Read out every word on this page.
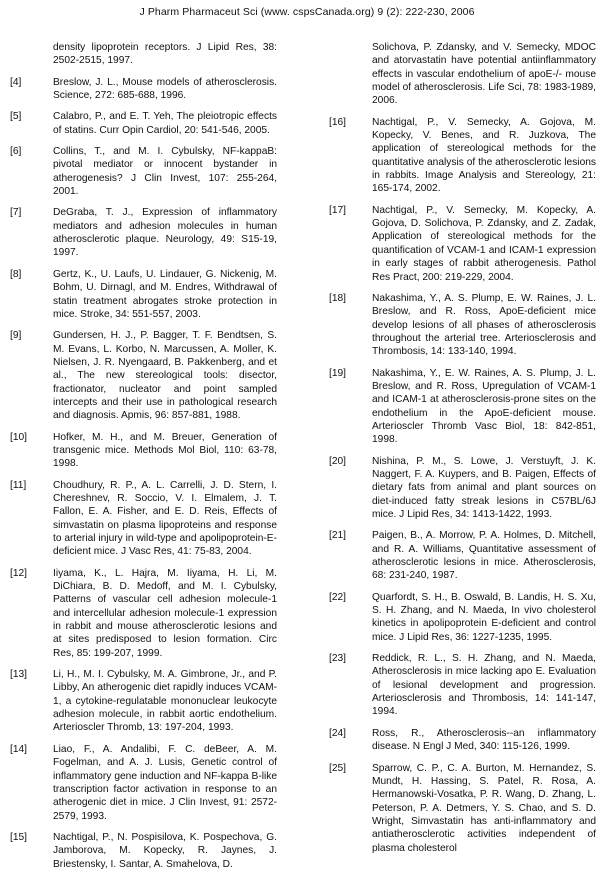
J Pharm Pharmaceut Sci (www. cspsCanada.org) 9 (2): 222-230, 2006
density lipoprotein receptors. J Lipid Res, 38: 2502-2515, 1997.
[4]	Breslow, J. L., Mouse models of atherosclerosis. Science, 272: 685-688, 1996.
[5]	Calabro, P., and E. T. Yeh, The pleiotropic effects of statins. Curr Opin Cardiol, 20: 541-546, 2005.
[6]	Collins, T., and M. I. Cybulsky, NF-kappaB: pivotal mediator or innocent bystander in atherogenesis? J Clin Invest, 107: 255-264, 2001.
[7]	DeGraba, T. J., Expression of inflammatory mediators and adhesion molecules in human atherosclerotic plaque. Neurology, 49: S15-19, 1997.
[8]	Gertz, K., U. Laufs, U. Lindauer, G. Nickenig, M. Bohm, U. Dirnagl, and M. Endres, Withdrawal of statin treatment abrogates stroke protection in mice. Stroke, 34: 551-557, 2003.
[9]	Gundersen, H. J., P. Bagger, T. F. Bendtsen, S. M. Evans, L. Korbo, N. Marcussen, A. Moller, K. Nielsen, J. R. Nyengaard, B. Pakkenberg, and et al., The new stereological tools: disector, fractionator, nucleator and point sampled intercepts and their use in pathological research and diagnosis. Apmis, 96: 857-881, 1988.
[10]	Hofker, M. H., and M. Breuer, Generation of transgenic mice. Methods Mol Biol, 110: 63-78, 1998.
[11]	Choudhury, R. P., A. L. Carrelli, J. D. Stern, I. Chereshnev, R. Soccio, V. I. Elmalem, J. T. Fallon, E. A. Fisher, and E. D. Reis, Effects of simvastatin on plasma lipoproteins and response to arterial injury in wild-type and apolipoprotein-E-deficient mice. J Vasc Res, 41: 75-83, 2004.
[12]	Iiyama, K., L. Hajra, M. Iiyama, H. Li, M. DiChiara, B. D. Medoff, and M. I. Cybulsky, Patterns of vascular cell adhesion molecule-1 and intercellular adhesion molecule-1 expression in rabbit and mouse atherosclerotic lesions and at sites predisposed to lesion formation. Circ Res, 85: 199-207, 1999.
[13]	Li, H., M. I. Cybulsky, M. A. Gimbrone, Jr., and P. Libby, An atherogenic diet rapidly induces VCAM-1, a cytokine-regulatable mononuclear leukocyte adhesion molecule, in rabbit aortic endothelium. Arterioscler Thromb, 13: 197-204, 1993.
[14]	Liao, F., A. Andalibi, F. C. deBeer, A. M. Fogelman, and A. J. Lusis, Genetic control of inflammatory gene induction and NF-kappa B-like transcription factor activation in response to an atherogenic diet in mice. J Clin Invest, 91: 2572-2579, 1993.
[15]	Nachtigal, P., N. Pospisilova, K. Pospechova, G. Jamborova, M. Kopecky, R. Jaynes, J. Briestensky, I. Santar, A. Smahelova, D.
Solichova, P. Zdansky, and V. Semecky, MDOC and atorvastatin have potential antiinflammatory effects in vascular endothelium of apoE-/- mouse model of atherosclerosis. Life Sci, 78: 1983-1989, 2006.
[16]	Nachtigal, P., V. Semecky, A. Gojova, M. Kopecky, V. Benes, and R. Juzkova, The application of stereological methods for the quantitative analysis of the atherosclerotic lesions in rabbits. Image Analysis and Stereology, 21: 165-174, 2002.
[17]	Nachtigal, P., V. Semecky, M. Kopecky, A. Gojova, D. Solichova, P. Zdansky, and Z. Zadak, Application of stereological methods for the quantification of VCAM-1 and ICAM-1 expression in early stages of rabbit atherogenesis. Pathol Res Pract, 200: 219-229, 2004.
[18]	Nakashima, Y., A. S. Plump, E. W. Raines, J. L. Breslow, and R. Ross, ApoE-deficient mice develop lesions of all phases of atherosclerosis throughout the arterial tree. Arteriosclerosis and Thrombosis, 14: 133-140, 1994.
[19]	Nakashima, Y., E. W. Raines, A. S. Plump, J. L. Breslow, and R. Ross, Upregulation of VCAM-1 and ICAM-1 at atherosclerosis-prone sites on the endothelium in the ApoE-deficient mouse. Arterioscler Thromb Vasc Biol, 18: 842-851, 1998.
[20]	Nishina, P. M., S. Lowe, J. Verstuyft, J. K. Naggert, F. A. Kuypers, and B. Paigen, Effects of dietary fats from animal and plant sources on diet-induced fatty streak lesions in C57BL/6J mice. J Lipid Res, 34: 1413-1422, 1993.
[21]	Paigen, B., A. Morrow, P. A. Holmes, D. Mitchell, and R. A. Williams, Quantitative assessment of atherosclerotic lesions in mice. Atherosclerosis, 68: 231-240, 1987.
[22]	Quarfordt, S. H., B. Oswald, B. Landis, H. S. Xu, S. H. Zhang, and N. Maeda, In vivo cholesterol kinetics in apolipoprotein E-deficient and control mice. J Lipid Res, 36: 1227-1235, 1995.
[23]	Reddick, R. L., S. H. Zhang, and N. Maeda, Atherosclerosis in mice lacking apo E. Evaluation of lesional development and progression. Arteriosclerosis and Thrombosis, 14: 141-147, 1994.
[24]	Ross, R., Atherosclerosis--an inflammatory disease. N Engl J Med, 340: 115-126, 1999.
[25]	Sparrow, C. P., C. A. Burton, M. Hernandez, S. Mundt, H. Hassing, S. Patel, R. Rosa, A. Hermanowski-Vosatka, P. R. Wang, D. Zhang, L. Peterson, P. A. Detmers, Y. S. Chao, and S. D. Wright, Simvastatin has anti-inflammatory and antiatherosclerotic activities independent of plasma cholesterol
